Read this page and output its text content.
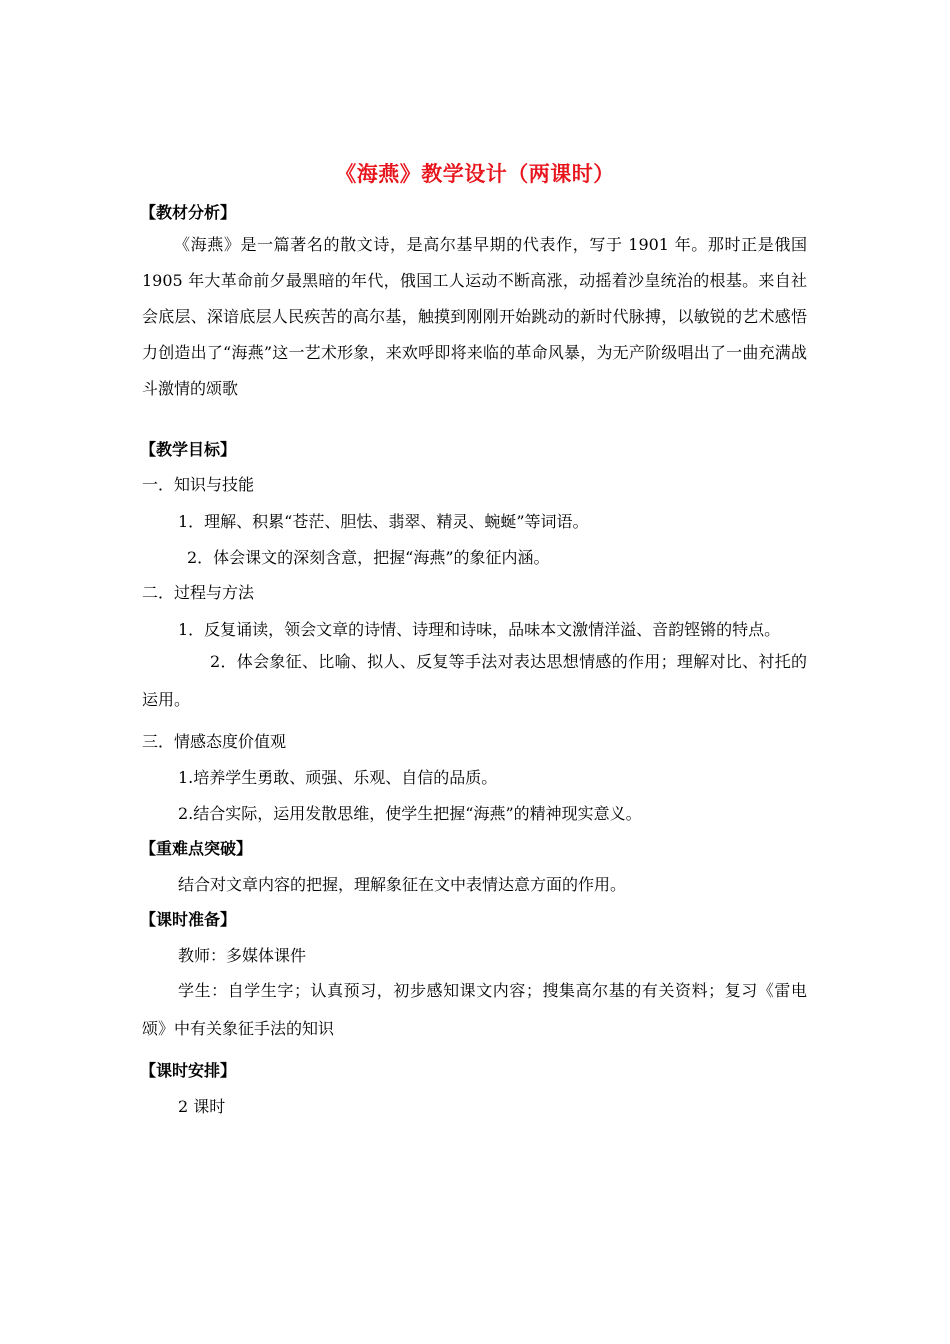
《海燕》教学设计（两课时）
【教材分析】
《海燕》是一篇著名的散文诗，是高尔基早期的代表作，写于 1901 年。那时正是俄国 1905 年大革命前夕最黑暗的年代，俄国工人运动不断高涨，动摇着沙皇统治的根基。来自社会底层、深谙底层人民疾苦的高尔基，触摸到刚刚开始跳动的新时代脉搏，以敏锐的艺术感悟力创造出了“海燕”这一艺术形象，来欢呼即将来临的革命风暴，为无产阶级唱出了一曲充满战斗激情的颂歌
【教学目标】
一．知识与技能
1．理解、积累“苍茫、胆怯、翡翠、精灵、蜿蜒”等词语。
2．体会课文的深刻含意，把握“海燕”的象征内涵。
二．过程与方法
1．反复诵读，领会文章的诗情、诗理和诗味，品味本文激情洋溢、音韵铿锵的特点。
2．体会象征、比喻、拟人、反复等手法对表达思想情感的作用；理解对比、衬托的运用。
三．情感态度价值观
1.培养学生勇敢、顽强、乐观、自信的品质。
2.结合实际，运用发散思维，使学生把握“海燕”的精神现实意义。
【重难点突破】
结合对文章内容的把握，理解象征在文中表情达意方面的作用。
【课时准备】
教师：多媒体课件
学生：自学生字；认真预习，初步感知课文内容；搜集高尔基的有关资料；复习《雷电颂》中有关象征手法的知识
【课时安排】
2 课时
